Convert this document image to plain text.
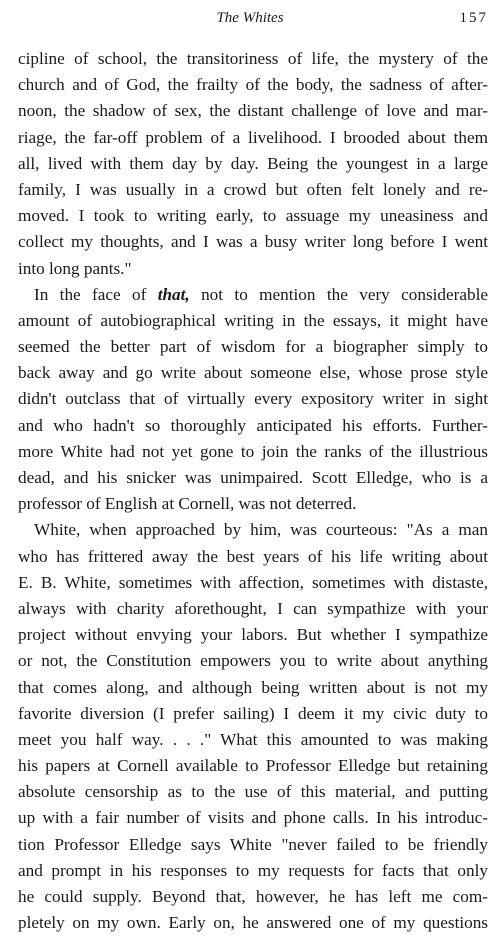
The Whites	157
cipline of school, the transitoriness of life, the mystery of the
church and of God, the frailty of the body, the sadness of after-
noon, the shadow of sex, the distant challenge of love and mar-
riage, the far-off problem of a livelihood. I brooded about them
all, lived with them day by day. Being the youngest in a large
family, I was usually in a crowd but often felt lonely and re-
moved. I took to writing early, to assuage my uneasiness and
collect my thoughts, and I was a busy writer long before I went
into long pants."
In the face of that, not to mention the very considerable
amount of autobiographical writing in the essays, it might have
seemed the better part of wisdom for a biographer simply to
back away and go write about someone else, whose prose style
didn't outclass that of virtually every expository writer in sight
and who hadn't so thoroughly anticipated his efforts. Further-
more White had not yet gone to join the ranks of the illustrious
dead, and his snicker was unimpaired. Scott Elledge, who is a
professor of English at Cornell, was not deterred.
White, when approached by him, was courteous: "As a man
who has frittered away the best years of his life writing about
E. B. White, sometimes with affection, sometimes with distaste,
always with charity aforethought, I can sympathize with your
project without envying your labors. But whether I sympathize
or not, the Constitution empowers you to write about anything
that comes along, and although being written about is not my
favorite diversion (I prefer sailing) I deem it my civic duty to
meet you half way. . . ." What this amounted to was making
his papers at Cornell available to Professor Elledge but retaining
absolute censorship as to the use of this material, and putting
up with a fair number of visits and phone calls. In his introduc-
tion Professor Elledge says White "never failed to be friendly
and prompt in his responses to my requests for facts that only
he could supply. Beyond that, however, he has left me com-
pletely on my own. Early on, he answered one of my questions
